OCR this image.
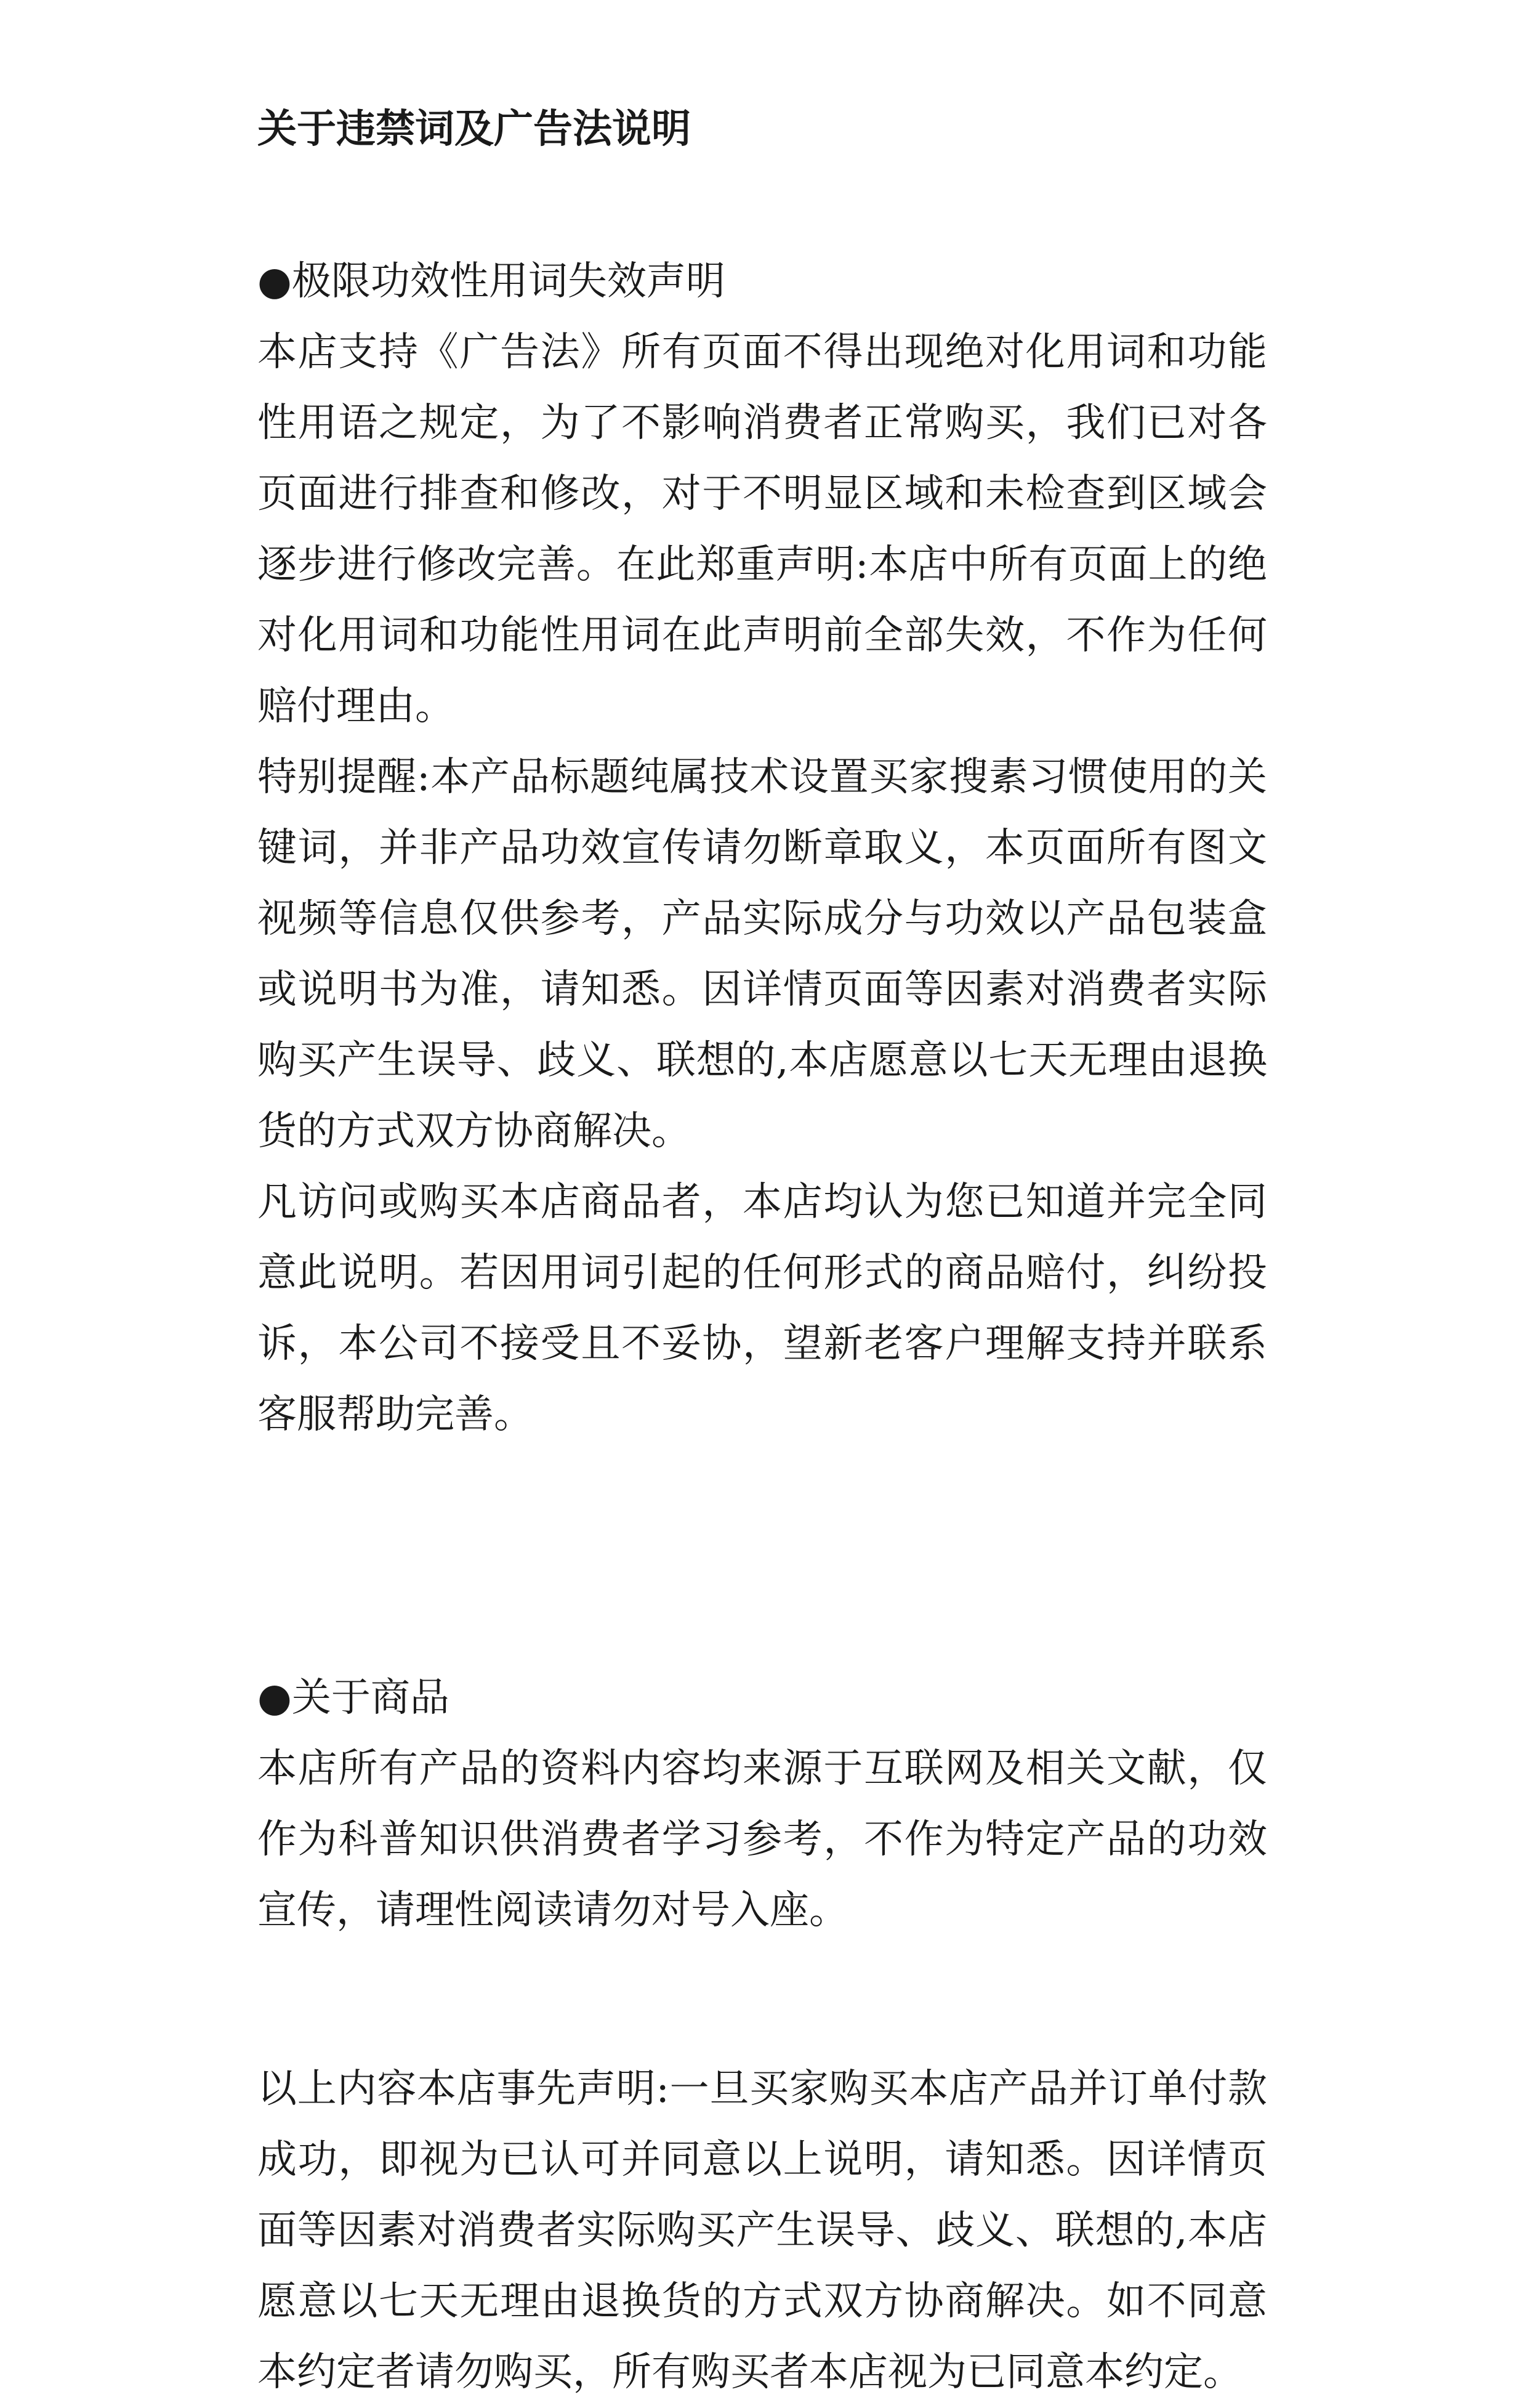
关于违禁词及广告法说明

●极限功效性用词失效声明

本店支持《广告法》所有页面不得出现绝对化用词和功能性用语之规定，为了不影响消费者正常购买，我们已对各页面进行排查和修改，对于不明显区域和未检查到区域会逐步进行修改完善。在此郑重声明:本店中所有页面上的绝对化用词和功能性用词在此声明前全部失效，不作为任何赔付理由。

特别提醒:本产品标题纯属技术设置买家搜素习惯使用的关键词，并非产品功效宣传请勿断章取义，本页面所有图文视频等信息仅供参考，产品实际成分与功效以产品包装盒或说明书为准，请知悉。因详情页面等因素对消费者实际购买产生误导、歧义、联想的,本店愿意以七天无理由退换货的方式双方协商解决。

凡访问或购买本店商品者，本店均认为您已知道并完全同意此说明。若因用词引起的任何形式的商品赔付，纠纷投诉，本公司不接受且不妥协，望新老客户理解支持并联系客服帮助完善。

●关于商品

本店所有产品的资料内容均来源于互联网及相关文献，仅作为科普知识供消费者学习参考，不作为特定产品的功效宣传，请理性阅读请勿对号入座。

以上内容本店事先声明:一旦买家购买本店产品并订单付款成功，即视为已认可并同意以上说明，请知悉。因详情页面等因素对消费者实际购买产生误导、歧义、联想的,本店愿意以七天无理由退换货的方式双方协商解决。如不同意本约定者请勿购买，所有购买者本店视为已同意本约定。
